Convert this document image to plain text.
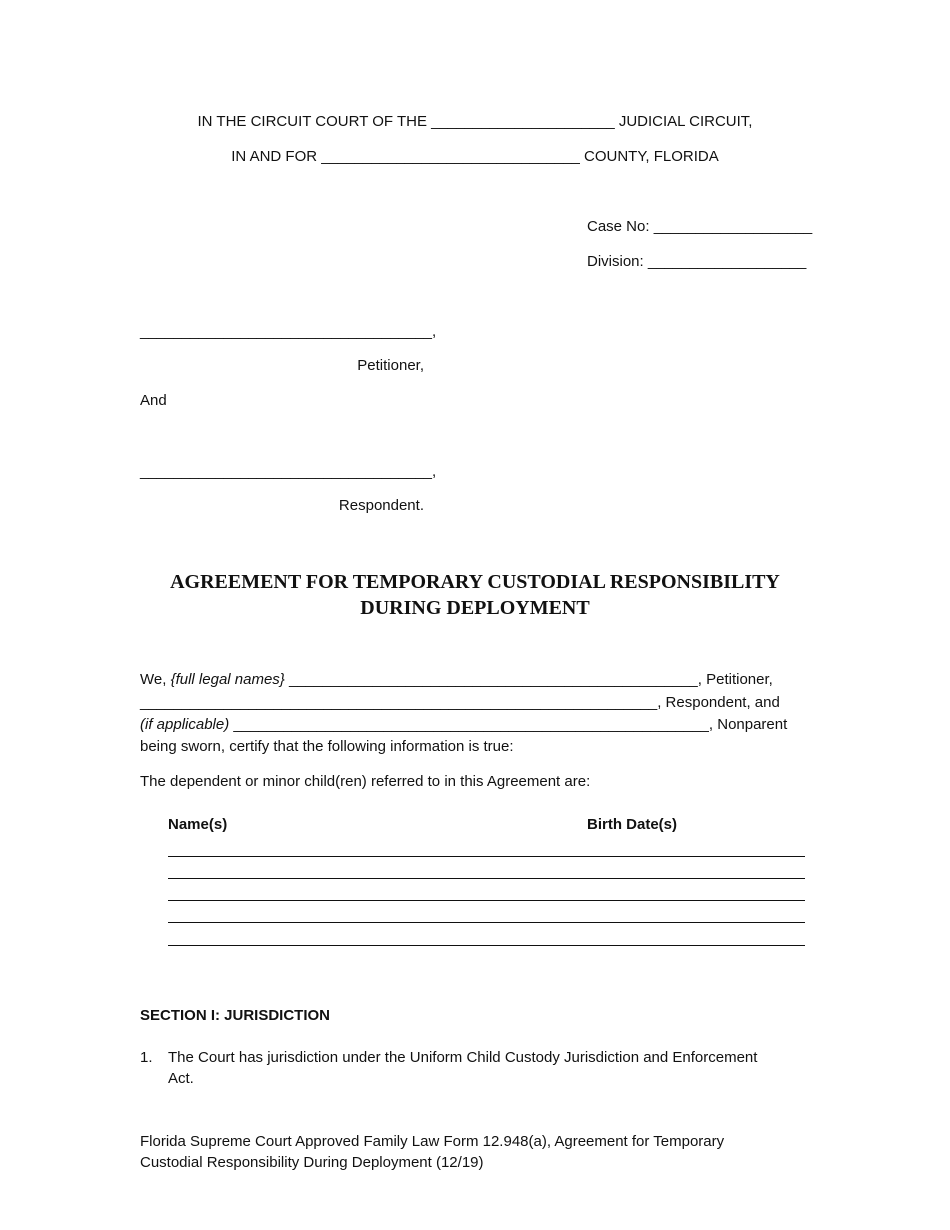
IN THE CIRCUIT COURT OF THE ______________________ JUDICIAL CIRCUIT,
IN AND FOR _______________________________ COUNTY, FLORIDA
Case No: ___________________
Division: ___________________
___________________________________,
Petitioner,
And
___________________________________,
Respondent.
AGREEMENT FOR TEMPORARY CUSTODIAL RESPONSIBILITY
DURING DEPLOYMENT
We, {full legal names} _________________________________________________, Petitioner,
______________________________________________________________, Respondent, and
(if applicable) _________________________________________________________, Nonparent
being sworn, certify that the following information is true:
The dependent or minor child(ren) referred to in this Agreement are:
Name(s)	Birth Date(s)
SECTION I: JURISDICTION
1. The Court has jurisdiction under the Uniform Child Custody Jurisdiction and Enforcement
Act.
Florida Supreme Court Approved Family Law Form 12.948(a), Agreement for Temporary
Custodial Responsibility During Deployment (12/19)
